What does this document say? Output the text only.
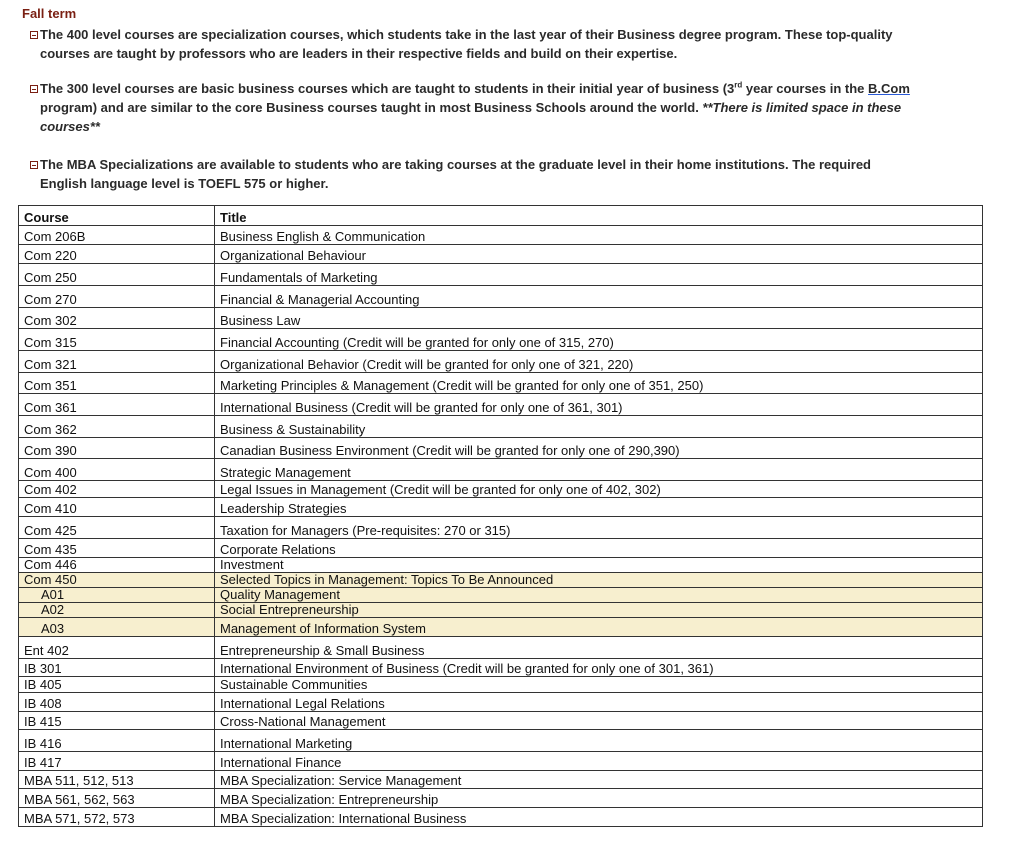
Fall term
The 400 level courses are specialization courses, which students take in the last year of their Business degree program. These top-quality
courses are taught by professors who are leaders in their respective fields and build on their expertise.
The 300 level courses are basic business courses which are taught to students in their initial year of business (3rd year courses in the B.Com
program) and are similar to the core Business courses taught in most Business Schools around the world. **There is limited space in these
courses**
The MBA Specializations are available to students who are taking courses at the graduate level in their home institutions. The required
English language level is TOEFL 575 or higher.
Course	Title
Com 206B	Business English & Communication
Com 220	Organizational Behaviour
Com 250	Fundamentals of Marketing
Com 270	Financial & Managerial Accounting
Com 302	Business Law
Com 315	Financial Accounting (Credit will be granted for only one of 315, 270)
Com 321	Organizational Behavior (Credit will be granted for only one of 321, 220)
Com 351	Marketing Principles & Management (Credit will be granted for only one of 351, 250)
Com 361	International Business (Credit will be granted for only one of 361, 301)
Com 362	Business & Sustainability
Com 390	Canadian Business Environment (Credit will be granted for only one of 290,390)
Com 400	Strategic Management
Com 402	Legal Issues in Management (Credit will be granted for only one of 402, 302)
Com 410	Leadership Strategies
Com 425	Taxation for Managers (Pre-requisites: 270 or 315)
Com 435	Corporate Relations
Com 446	Investment
Com 450	Selected Topics in Management: Topics To Be Announced
A01	Quality Management
A02	Social Entrepreneurship
A03	Management of Information System
Ent 402	Entrepreneurship & Small Business
IB 301	International Environment of Business (Credit will be granted for only one of 301, 361)
IB 405	Sustainable Communities
IB 408	International Legal Relations
IB 415	Cross-National Management
IB 416	International Marketing
IB 417	International Finance
MBA 511, 512, 513	MBA Specialization: Service Management
MBA 561, 562, 563	MBA Specialization: Entrepreneurship
MBA 571, 572, 573	MBA Specialization: International Business
